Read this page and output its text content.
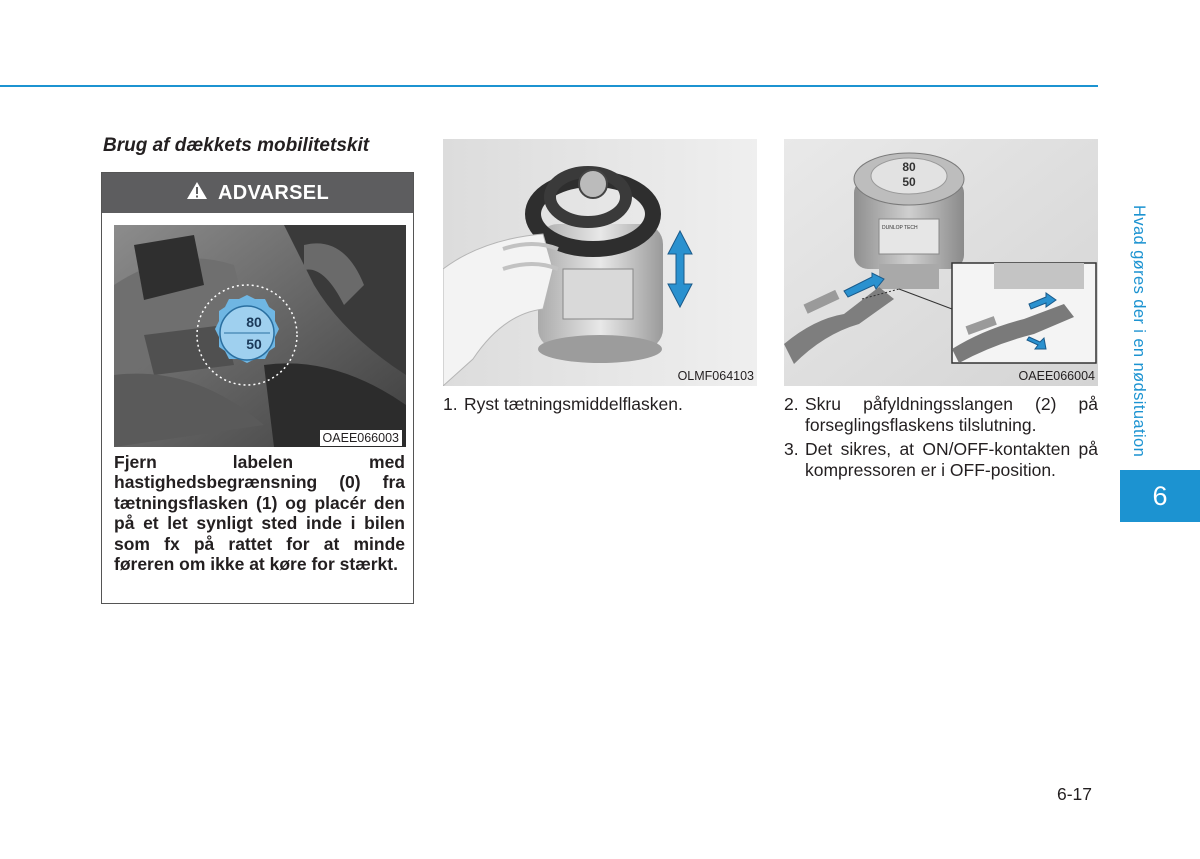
Brug af dækkets mobilitetskit
ADVARSEL
80
50
OAEE066003
Fjern labelen med hastighedsbegrænsning (0) fra tætningsflasken (1) og placér den på et let synligt sted inde i bilen som fx på rattet for at minde føreren om ikke at køre for stærkt.
OLMF064103
80
50
DUNLOP TECH
OAEE066004
1. Ryst tætningsmiddelflasken.	2. Skru påfyldningsslangen (2) på forseglingsflaskens tilslutning.
3. Det sikres, at ON/OFF-kontakten på kompressoren er i OFF-position.
Hvad gøres der i en nødsituation
6
6-17
